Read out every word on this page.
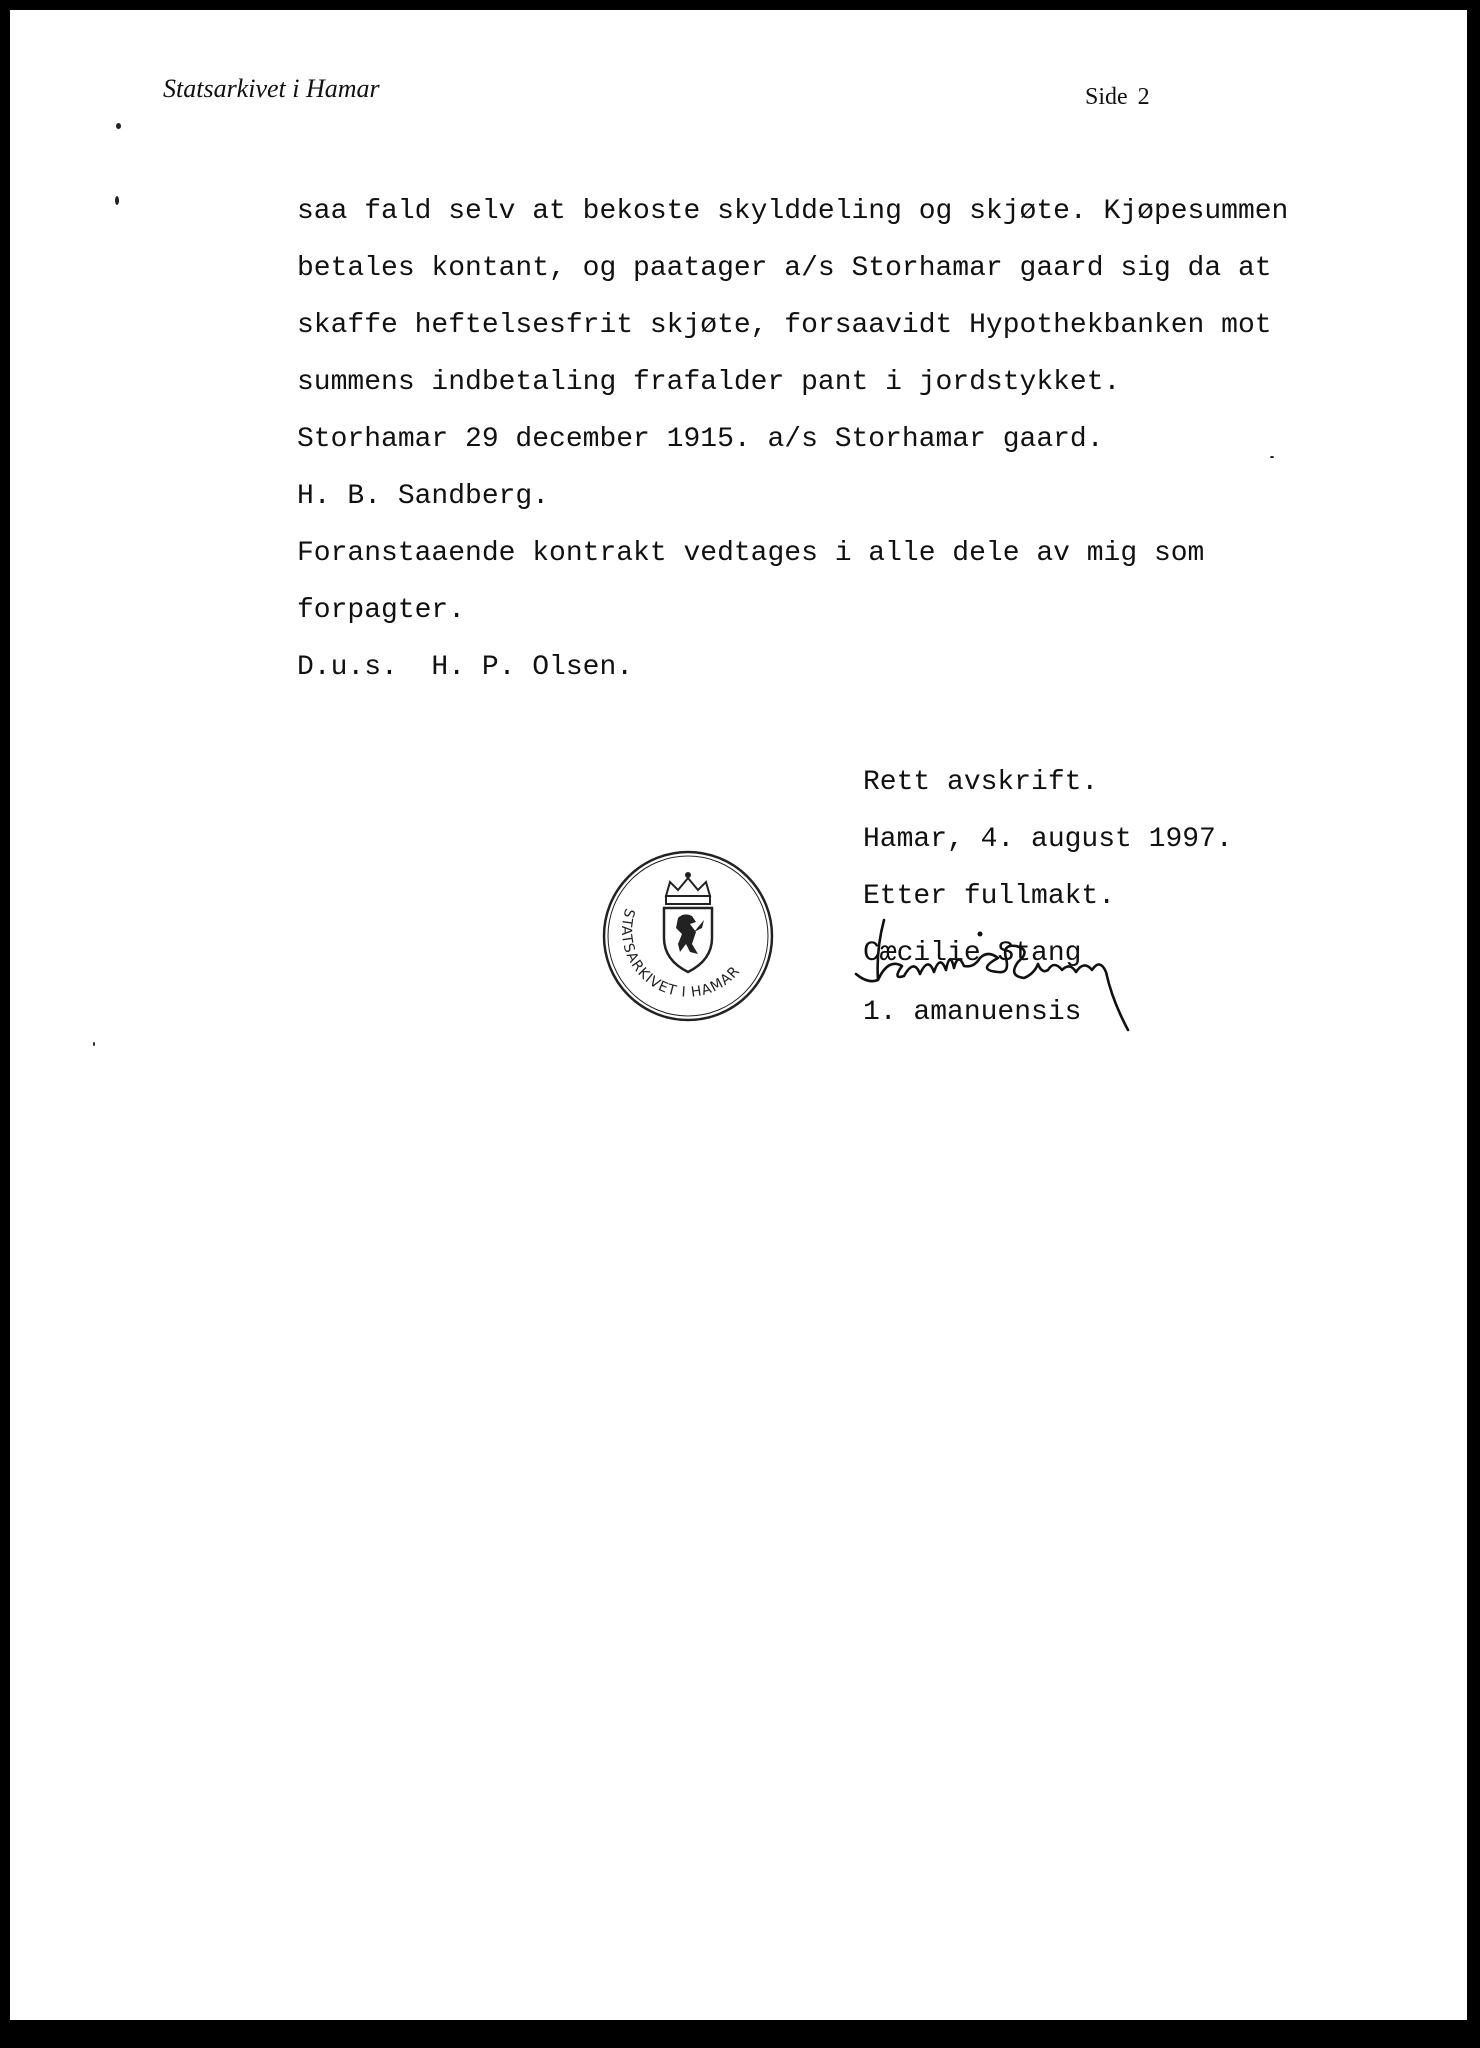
Statsarkivet i Hamar	Side 2
saa fald selv at bekoste skylddeling og skjøte. Kjøpesummen
betales kontant, og paatager a/s Storhamar gaard sig da at
skaffe heftelsesfrit skjøte, forsaavidt Hypothekbanken mot
summens indbetaling frafalder pant i jordstykket.
Storhamar 29 december 1915. a/s Storhamar gaard.
H. B. Sandberg.
Foranstaaende kontrakt vedtages i alle dele av mig som
forpagter.
D.u.s.  H. P. Olsen.
Rett avskrift.
Hamar, 4. august 1997.
Etter fullmakt.
Cæcilie Stang
1. amanuensis
STATSARKIVET I HAMAR
